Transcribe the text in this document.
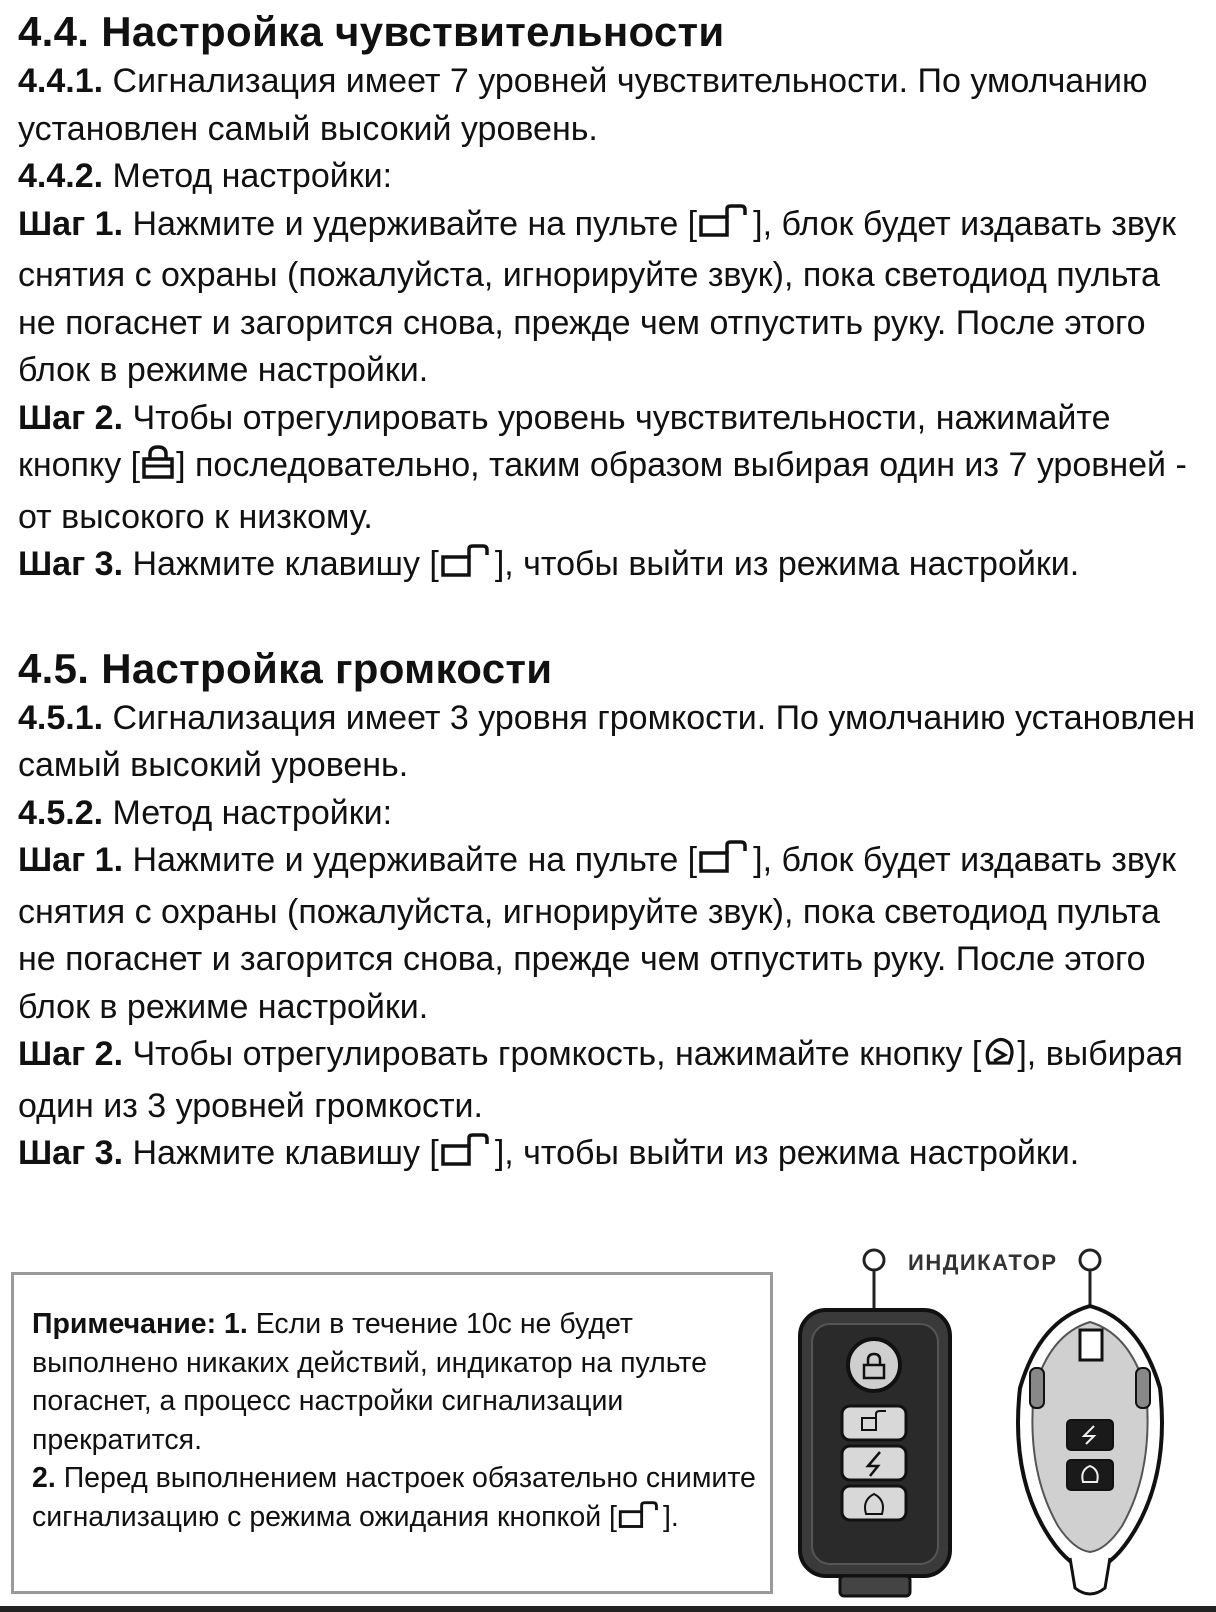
4.4. Настройка чувствительности

4.4.1. Сигнализация имеет 7 уровней чувствительности. По умолчанию установлен самый высокий уровень.

4.4.2. Метод настройки:

Шаг 1. Нажмите и удерживайте на пульте [ ], блок будет издавать звук снятия с охраны (пожалуйста, игнорируйте звук), пока светодиод пульта не погаснет и загорится снова, прежде чем отпустить руку. После этого блок в режиме настройки.

Шаг 2. Чтобы отрегулировать уровень чувствительности, нажимайте кнопку [ ] последовательно, таким образом выбирая один из 7 уровней - от высокого к низкому.

Шаг 3. Нажмите клавишу [ ], чтобы выйти из режима настройки.

4.5. Настройка громкости

4.5.1. Сигнализация имеет 3 уровня громкости. По умолчанию установлен самый высокий уровень.

4.5.2. Метод настройки:

Шаг 1. Нажмите и удерживайте на пульте [ ], блок будет издавать звук снятия с охраны (пожалуйста, игнорируйте звук), пока светодиод пульта не погаснет и загорится снова, прежде чем отпустить руку. После этого блок в режиме настройки.

Шаг 2. Чтобы отрегулировать громкость, нажимайте кнопку [ ], выбирая один из 3 уровней громкости.

Шаг 3. Нажмите клавишу [ ], чтобы выйти из режима настройки.

Примечание: 1. Если в течение 10с не будет выполнено никаких действий, индикатор на пульте погаснет, а процесс настройки сигнализации прекратится.

2. Перед выполнением настроек обязательно снимите сигнализацию с режима ожидания кнопкой [ ].

ИНДИКАТОР
